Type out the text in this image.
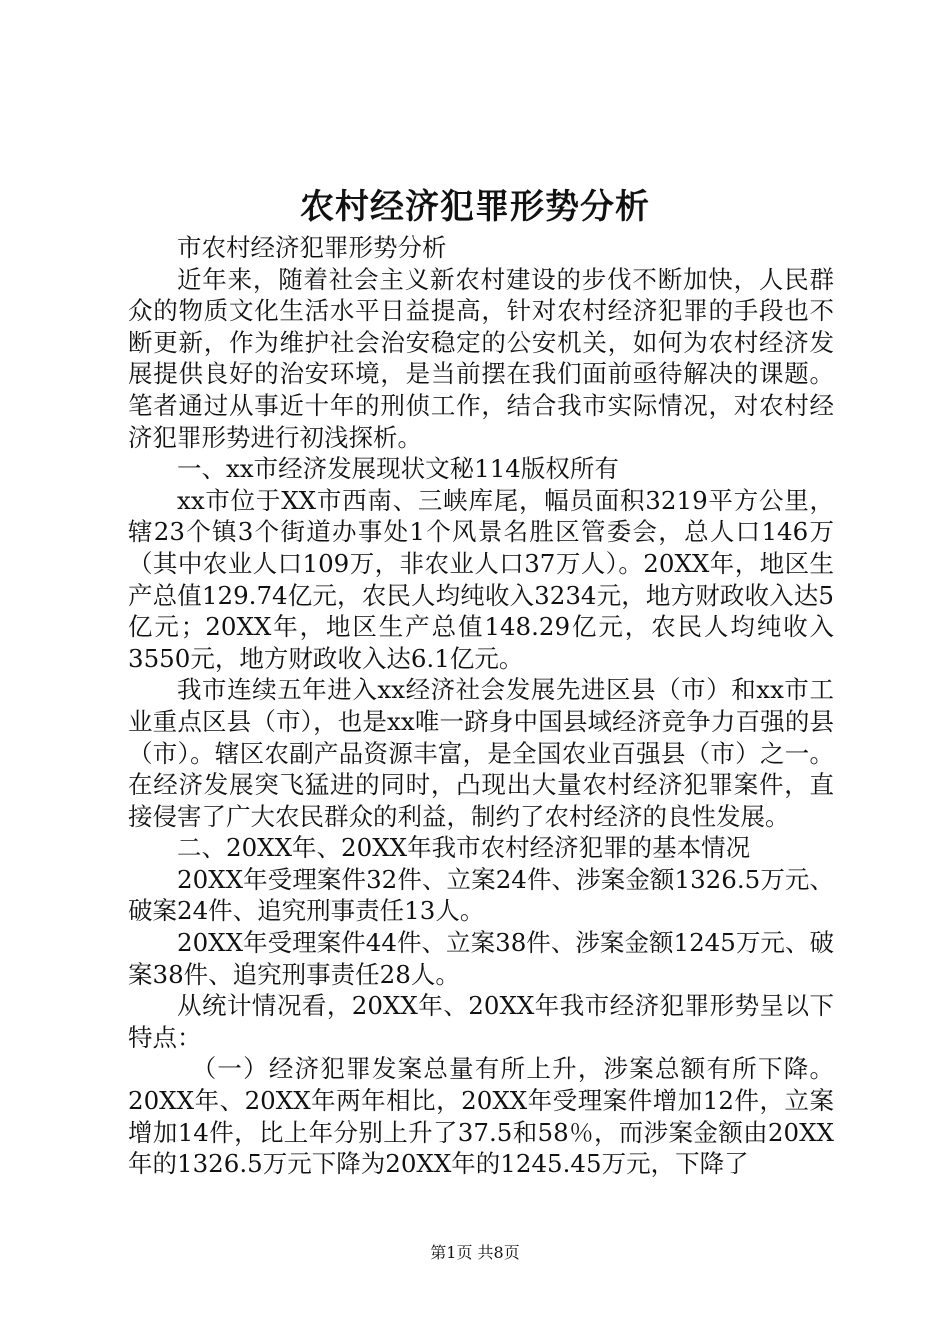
农村经济犯罪形势分析

市农村经济犯罪形势分析

近年来，随着社会主义新农村建设的步伐不断加快，人民群众的物质文化生活水平日益提高，针对农村经济犯罪的手段也不断更新，作为维护社会治安稳定的公安机关，如何为农村经济发展提供良好的治安环境，是当前摆在我们面前亟待解决的课题。笔者通过从事近十年的刑侦工作，结合我市实际情况，对农村经济犯罪形势进行初浅探析。

一、xx市经济发展现状文秘114版权所有

xx市位于XX市西南、三峡库尾，幅员面积3219平方公里，辖23个镇3个街道办事处1个风景名胜区管委会，总人口146万（其中农业人口109万，非农业人口37万人）。20XX年，地区生产总值129.74亿元，农民人均纯收入3234元，地方财政收入达5亿元；20XX年，地区生产总值148.29亿元，农民人均纯收入3550元，地方财政收入达6.1亿元。

我市连续五年进入xx经济社会发展先进区县（市）和xx市工业重点区县（市），也是xx唯一跻身中国县域经济竞争力百强的县（市）。辖区农副产品资源丰富，是全国农业百强县（市）之一。在经济发展突飞猛进的同时，凸现出大量农村经济犯罪案件，直接侵害了广大农民群众的利益，制约了农村经济的良性发展。

二、20XX年、20XX年我市农村经济犯罪的基本情况

20XX年受理案件32件、立案24件、涉案金额1326.5万元、破案24件、追究刑事责任13人。

20XX年受理案件44件、立案38件、涉案金额1245万元、破案38件、追究刑事责任28人。

从统计情况看，20XX年、20XX年我市经济犯罪形势呈以下特点：

（一）经济犯罪发案总量有所上升，涉案总额有所下降。20XX年、20XX年两年相比，20XX年受理案件增加12件，立案增加14件，比上年分别上升了37.5和58％，而涉案金额由20XX年的1326.5万元下降为20XX年的1245.45万元，下降了

第1页 共8页
